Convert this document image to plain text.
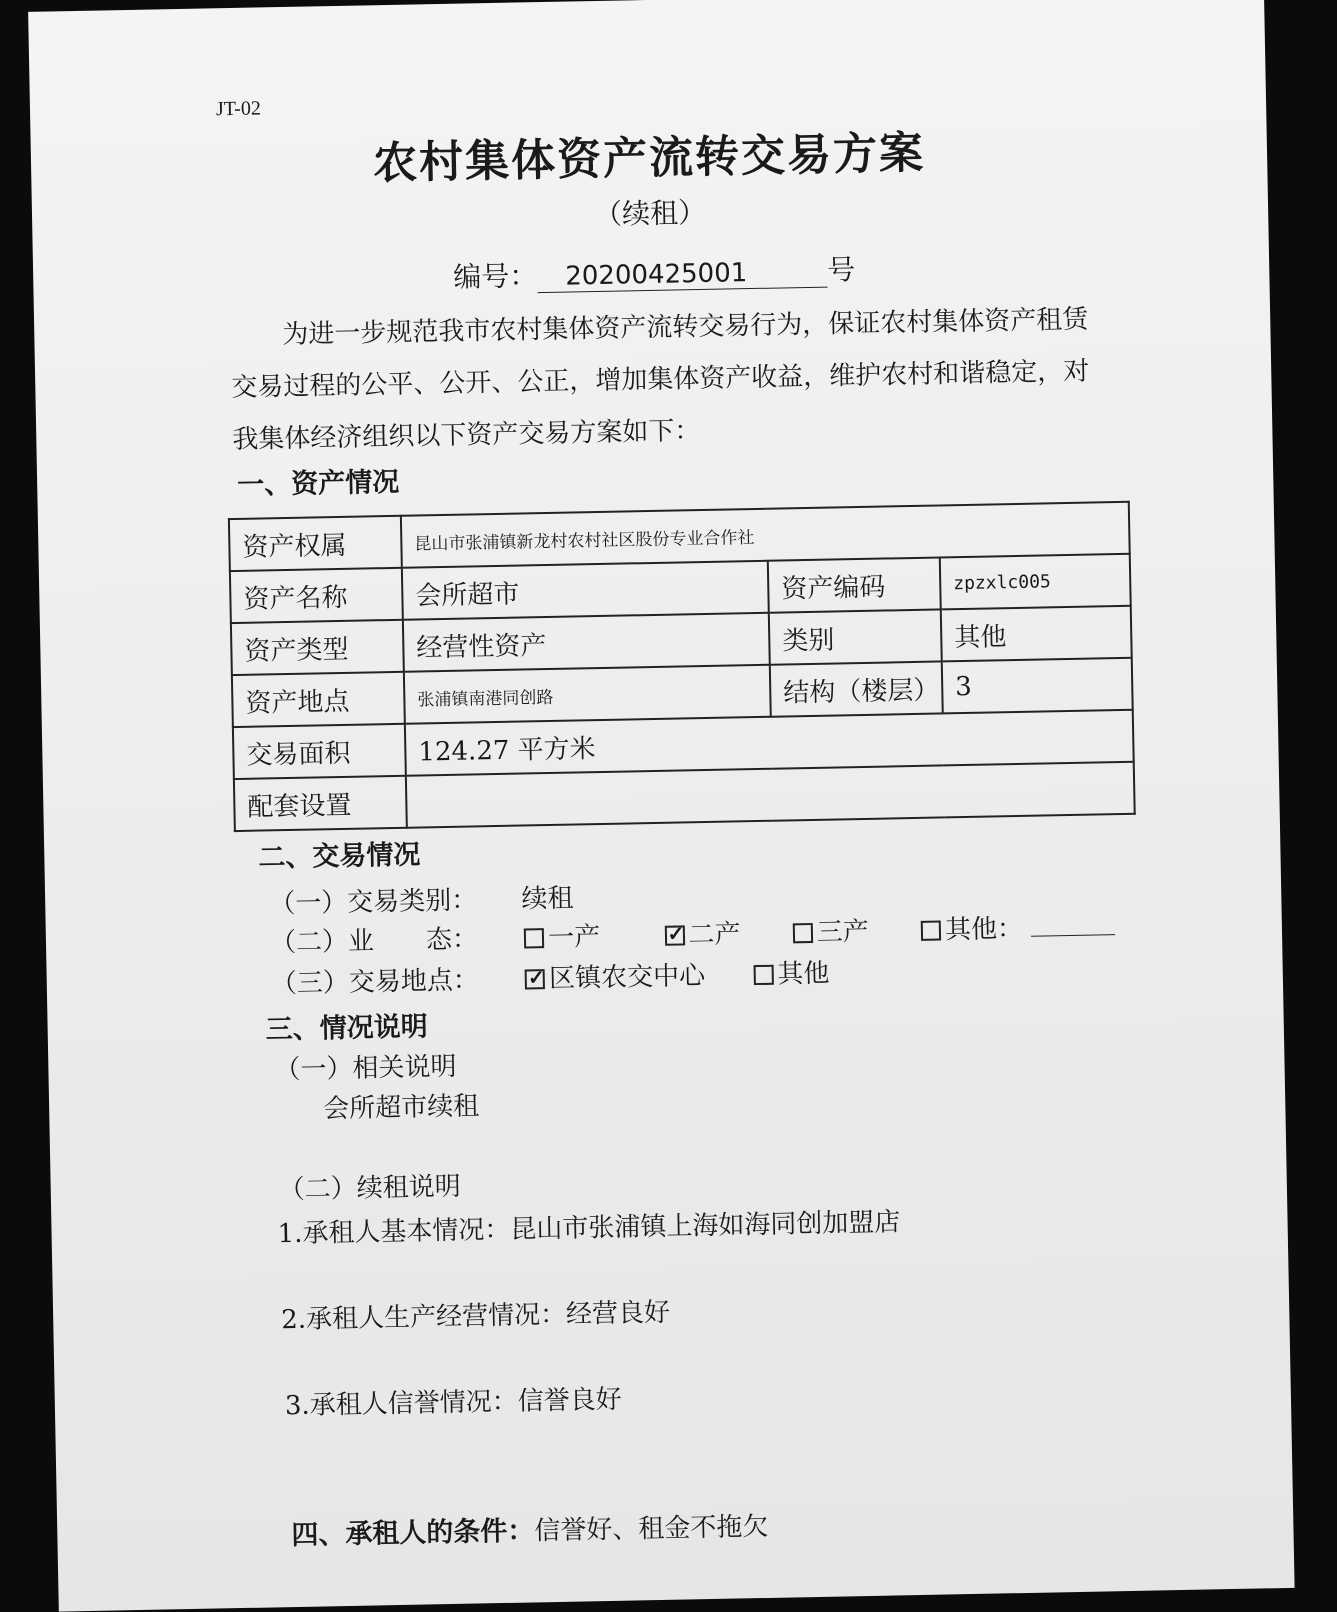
JT-02
农村集体资产流转交易方案
（续租）
编号： 20200425001	号

为进一步规范我市农村集体资产流转交易行为，保证农村集体资产租赁交易过程的公平、公开、公正，增加集体资产收益，维护农村和谐稳定，对我集体经济组织以下资产交易方案如下：

一、资产情况
资产权属	昆山市张浦镇新龙村农村社区股份专业合作社		
资产名称	会所超市	资产编码	zpzxlc005
资产类型	经营性资产	类别	其他
资产地点	张浦镇南港同创路	结构（楼层）	3
交易面积	124.27 平方米		
配套设置			
二、交易情况
（一）交易类别： 续租
（二）业　　态：	一产 ✓	二产	三产	其他：
（三）交易地点： ✓	区镇农交中心	其他
三、情况说明
（一）相关说明
会所超市续租
（二）续租说明
1.承租人基本情况：昆山市张浦镇上海如海同创加盟店
2.承租人生产经营情况：经营良好
3.承租人信誉情况：信誉良好
四、承租人的条件：信誉好、租金不拖欠
